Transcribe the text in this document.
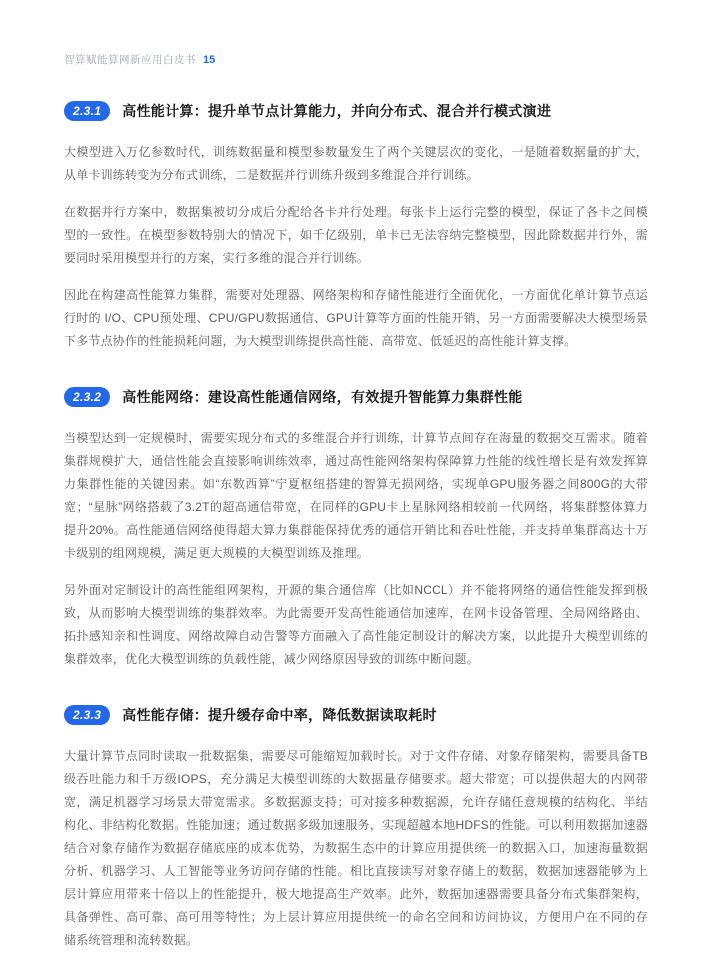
智算赋能算网新应用白皮书 15
2.3.1	高性能计算：提升单节点计算能力，并向分布式、混合并行模式演进

大模型进入万亿参数时代，训练数据量和模型参数量发生了两个关键层次的变化，一是随着数据量的扩大，从单卡训练转变为分布式训练，二是数据并行训练升级到多维混合并行训练。

在数据并行方案中，数据集被切分成后分配给各卡并行处理。每张卡上运行完整的模型，保证了各卡之间模型的一致性。在模型参数特别大的情况下，如千亿级别，单卡已无法容纳完整模型，因此除数据并行外，需要同时采用模型并行的方案，实行多维的混合并行训练。

因此在构建高性能算力集群，需要对处理器、网络架构和存储性能进行全面优化，一方面优化单计算节点运行时的 I/O、CPU预处理、CPU/GPU数据通信、GPU计算等方面的性能开销，另一方面需要解决大模型场景下多节点协作的性能损耗问题，为大模型训练提供高性能、高带宽、低延迟的高性能计算支撑。

2.3.2	高性能网络：建设高性能通信网络，有效提升智能算力集群性能

当模型达到一定规模时，需要实现分布式的多维混合并行训练，计算节点间存在海量的数据交互需求。随着集群规模扩大，通信性能会直接影响训练效率，通过高性能网络架构保障算力性能的线性增长是有效发挥算力集群性能的关键因素。如“东数西算”宁夏枢纽搭建的智算无损网络，实现单GPU服务器之间800G的大带宽；“星脉”网络搭载了3.2T的超高通信带宽，在同样的GPU卡上星脉网络相较前一代网络，将集群整体算力提升20%。高性能通信网络使得超大算力集群能保持优秀的通信开销比和吞吐性能，并支持单集群高达十万卡级别的组网规模，满足更大规模的大模型训练及推理。

另外面对定制设计的高性能组网架构，开源的集合通信库（比如NCCL）并不能将网络的通信性能发挥到极致，从而影响大模型训练的集群效率。为此需要开发高性能通信加速库，在网卡设备管理、全局网络路由、拓扑感知亲和性调度、网络故障自动告警等方面融入了高性能定制设计的解决方案，以此提升大模型训练的集群效率，优化大模型训练的负载性能，减少网络原因导致的训练中断问题。

2.3.3	高性能存储：提升缓存命中率，降低数据读取耗时

大量计算节点同时读取一批数据集，需要尽可能缩短加载时长。对于文件存储、对象存储架构，需要具备TB级吞吐能力和千万级IOPS，充分满足大模型训练的大数据量存储要求。超大带宽；可以提供超大的内网带宽，满足机器学习场景大带宽需求。多数据源支持；可对接多种数据源，允许存储任意规模的结构化、半结构化、非结构化数据。性能加速；通过数据多级加速服务，实现超越本地HDFS的性能。可以利用数据加速器结合对象存储作为数据存储底座的成本优势，为数据生态中的计算应用提供统一的数据入口，加速海量数据分析、机器学习、人工智能等业务访问存储的性能。相比直接读写对象存储上的数据，数据加速器能够为上层计算应用带来十倍以上的性能提升，极大地提高生产效率。此外，数据加速器需要具备分布式集群架构，具备弹性、高可靠、高可用等特性；为上层计算应用提供统一的命名空间和访问协议，方便用户在不同的存储系统管理和流转数据。
